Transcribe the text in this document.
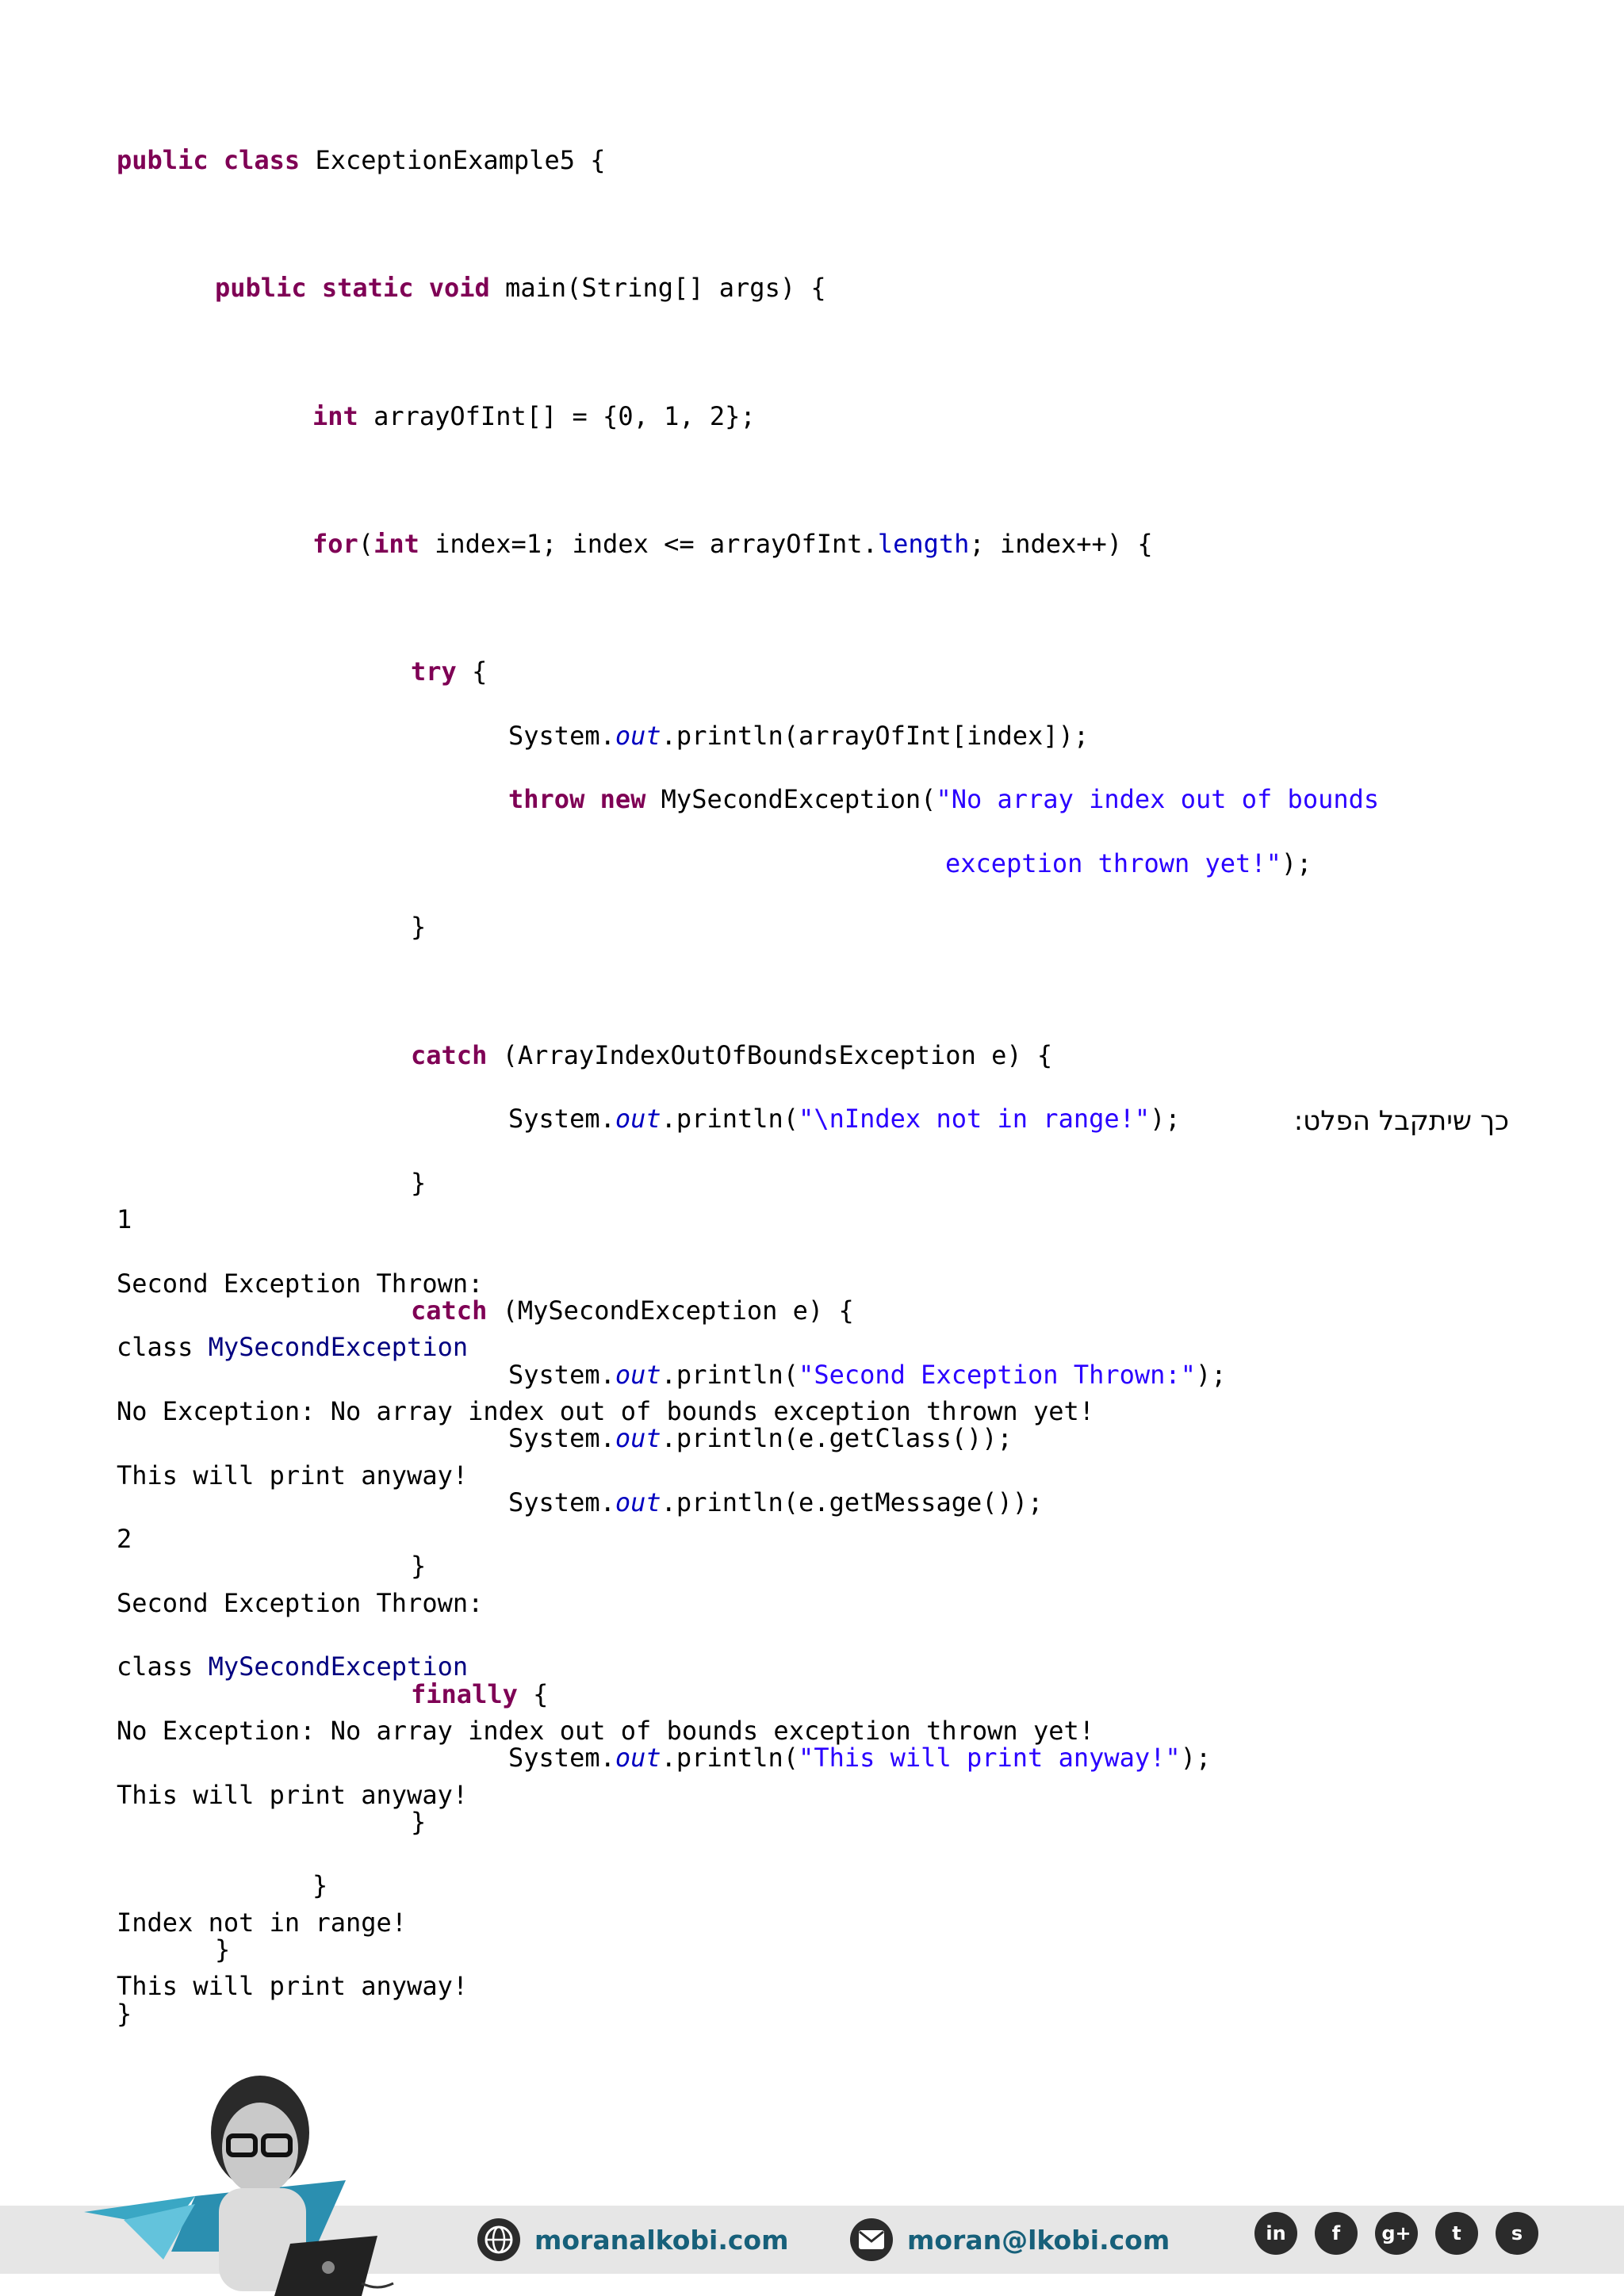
public class ExceptionExample5 {

public static void main(String[] args) {

int arrayOfInt[] = {0, 1, 2};

for(int index=1; index <= arrayOfInt.length; index++) {

try {

System.out.println(arrayOfInt[index]);

throw new MySecondException("No array index out of bounds

exception thrown yet!");

}

catch (ArrayIndexOutOfBoundsException e) {

System.out.println("\nIndex not in range!");

}

catch (MySecondException e) {

System.out.println("Second Exception Thrown:");

System.out.println(e.getClass());

System.out.println(e.getMessage());

}

finally {

System.out.println("This will print anyway!");

}

}

}

}

כך שיתקבל הפלט:

1

Second Exception Thrown:

class MySecondException

No Exception: No array index out of bounds exception thrown yet!

This will print anyway!

2

Second Exception Thrown:

class MySecondException

No Exception: No array index out of bounds exception thrown yet!

This will print anyway!

Index not in range!

This will print anyway!

moranalkobi.com	moran@lkobi.com	in	f	g+	t	s
